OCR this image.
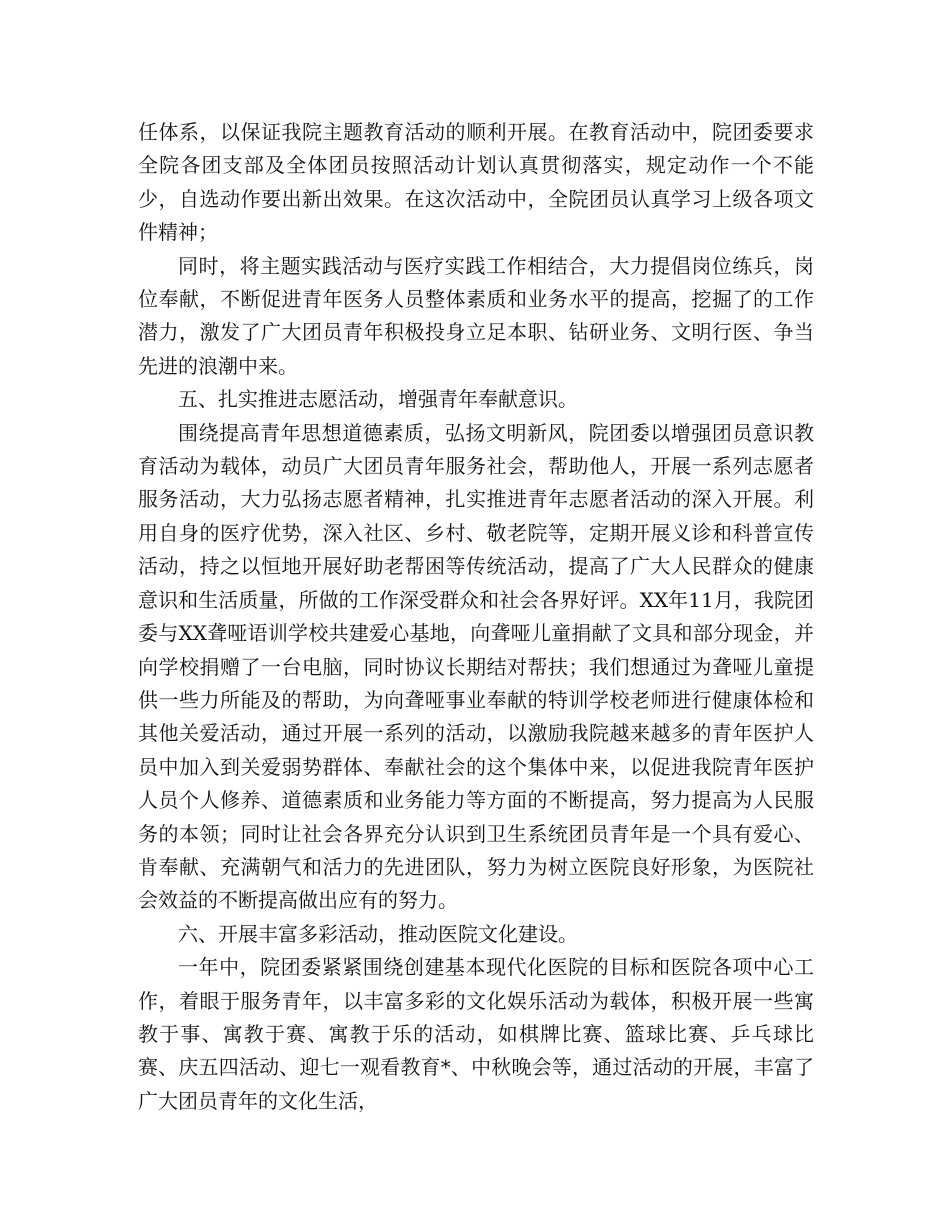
任体系，以保证我院主题教育活动的顺利开展。在教育活动中，院团委要求全院各团支部及全体团员按照活动计划认真贯彻落实，规定动作一个不能少，自选动作要出新出效果。在这次活动中，全院团员认真学习上级各项文件精神；

同时，将主题实践活动与医疗实践工作相结合，大力提倡岗位练兵，岗位奉献，不断促进青年医务人员整体素质和业务水平的提高，挖掘了的工作潜力，激发了广大团员青年积极投身立足本职、钻研业务、文明行医、争当先进的浪潮中来。

五、扎实推进志愿活动，增强青年奉献意识。

围绕提高青年思想道德素质，弘扬文明新风，院团委以增强团员意识教育活动为载体，动员广大团员青年服务社会，帮助他人，开展一系列志愿者服务活动，大力弘扬志愿者精神，扎实推进青年志愿者活动的深入开展。利用自身的医疗优势，深入社区、乡村、敬老院等，定期开展义诊和科普宣传活动，持之以恒地开展好助老帮困等传统活动，提高了广大人民群众的健康意识和生活质量，所做的工作深受群众和社会各界好评。XX年11月，我院团委与XX聋哑语训学校共建爱心基地，向聋哑儿童捐献了文具和部分现金，并向学校捐赠了一台电脑，同时协议长期结对帮扶；我们想通过为聋哑儿童提供一些力所能及的帮助，为向聋哑事业奉献的特训学校老师进行健康体检和其他关爱活动，通过开展一系列的活动，以激励我院越来越多的青年医护人员中加入到关爱弱势群体、奉献社会的这个集体中来，以促进我院青年医护人员个人修养、道德素质和业务能力等方面的不断提高，努力提高为人民服务的本领；同时让社会各界充分认识到卫生系统团员青年是一个具有爱心、肯奉献、充满朝气和活力的先进团队，努力为树立医院良好形象，为医院社会效益的不断提高做出应有的努力。

六、开展丰富多彩活动，推动医院文化建设。

一年中，院团委紧紧围绕创建基本现代化医院的目标和医院各项中心工作，着眼于服务青年，以丰富多彩的文化娱乐活动为载体，积极开展一些寓教于事、寓教于赛、寓教于乐的活动，如棋牌比赛、篮球比赛、乒乓球比赛、庆五四活动、迎七一观看教育*、中秋晚会等，通过活动的开展，丰富了广大团员青年的文化生活，
